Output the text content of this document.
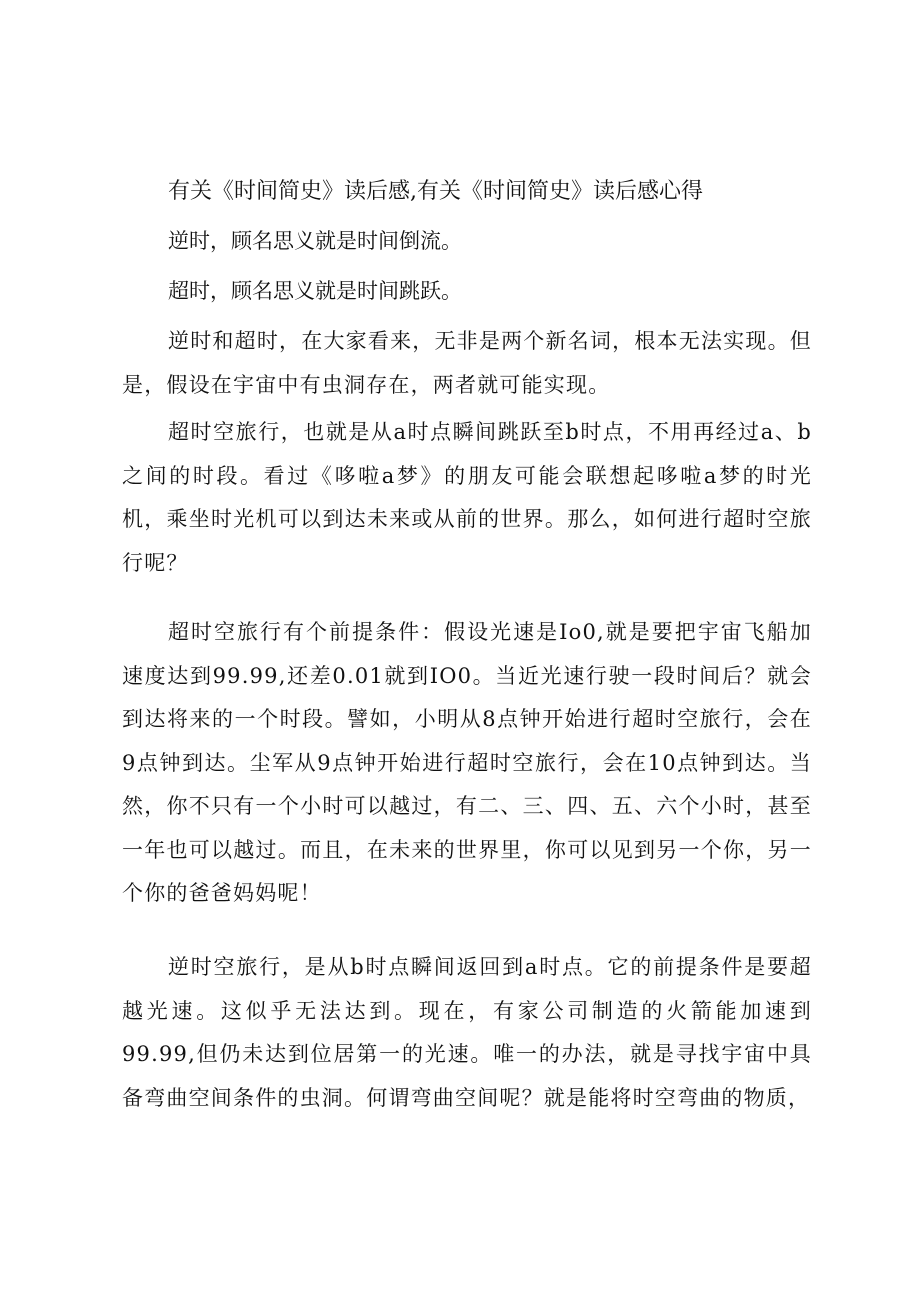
有关《时间简史》读后感,有关《时间简史》读后感心得
逆时，顾名思义就是时间倒流。
超时，顾名思义就是时间跳跃。

逆时和超时，在大家看来，无非是两个新名词，根本无法实现。但是，假设在宇宙中有虫洞存在，两者就可能实现。

超时空旅行，也就是从a时点瞬间跳跃至b时点，不用再经过a、b之间的时段。看过《哆啦a梦》的朋友可能会联想起哆啦a梦的时光机，乘坐时光机可以到达未来或从前的世界。那么，如何进行超时空旅行呢？

超时空旅行有个前提条件：假设光速是Io0,就是要把宇宙飞船加速度达到99.99,还差0.01就到IO0。当近光速行驶一段时间后？就会到达将来的一个时段。譬如，小明从8点钟开始进行超时空旅行，会在9点钟到达。尘军从9点钟开始进行超时空旅行，会在10点钟到达。当然，你不只有一个小时可以越过，有二、三、四、五、六个小时，甚至一年也可以越过。而且，在未来的世界里，你可以见到另一个你，另一个你的爸爸妈妈呢！

逆时空旅行，是从b时点瞬间返回到a时点。它的前提条件是要超越光速。这似乎无法达到。现在，有家公司制造的火箭能加速到99.99,但仍未达到位居第一的光速。唯一的办法，就是寻找宇宙中具备弯曲空间条件的虫洞。何谓弯曲空间呢？就是能将时空弯曲的物质，
